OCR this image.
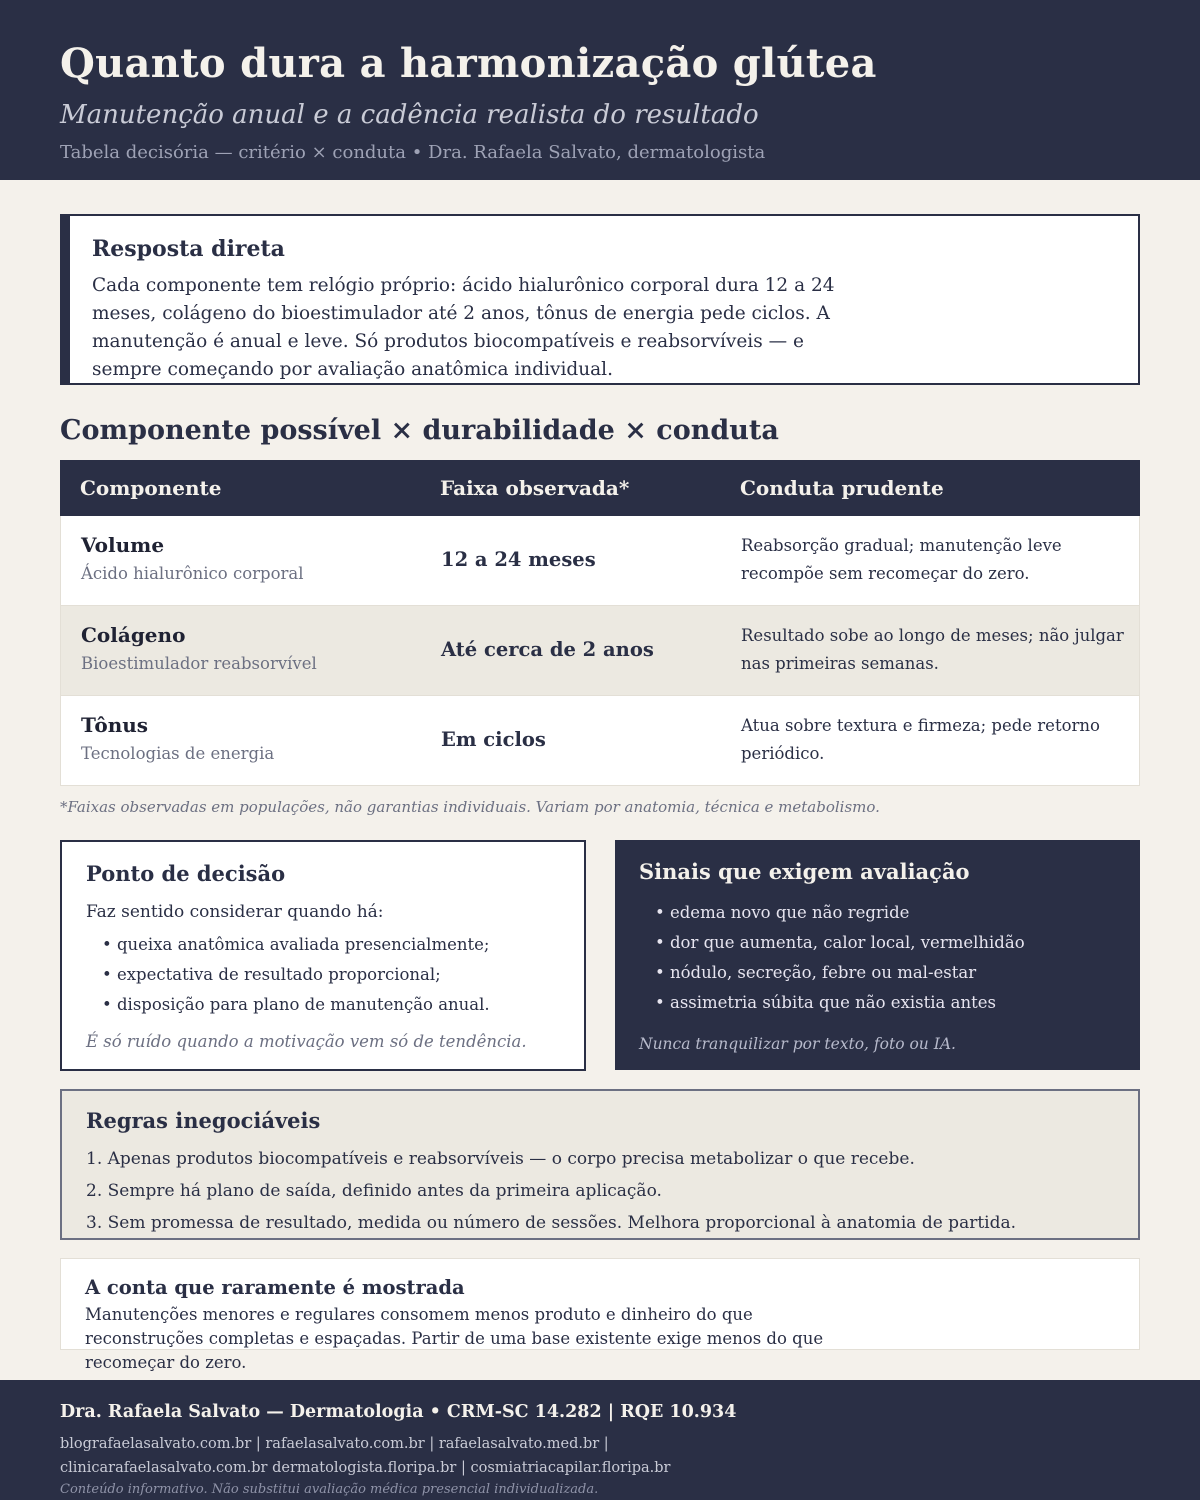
Quanto dura a harmonização glútea
Manutenção anual e a cadência realista do resultado
Tabela decisória — critério × conduta • Dra. Rafaela Salvato, dermatologista
Resposta direta

Cada componente tem relógio próprio: ácido hialurônico corporal dura 12 a 24 meses, colágeno do bioestimulador até 2 anos, tônus de energia pede ciclos. A manutenção é anual e leve. Só produtos biocompatíveis e reabsorvíveis — e sempre começando por avaliação anatômica individual.

Componente possível × durabilidade × conduta
Componente	Faixa observada*	Conduta prudente
Volume
Ácido hialurônico corporal
12 a 24 meses
Reabsorção gradual; manutenção leve recompõe sem recomeçar do zero.
Colágeno
Bioestimulador reabsorvível
Até cerca de 2 anos
Resultado sobe ao longo de meses; não julgar nas primeiras semanas.
Tônus
Tecnologias de energia
Em ciclos
Atua sobre textura e firmeza; pede retorno periódico.
*Faixas observadas em populações, não garantias individuais. Variam por anatomia, técnica e metabolismo.
Ponto de decisão
Faz sentido considerar quando há:
• queixa anatômica avaliada presencialmente;
• expectativa de resultado proporcional;
• disposição para plano de manutenção anual.
É só ruído quando a motivação vem só de tendência.
Sinais que exigem avaliação
• edema novo que não regride
• dor que aumenta, calor local, vermelhidão
• nódulo, secreção, febre ou mal-estar
• assimetria súbita que não existia antes
Nunca tranquilizar por texto, foto ou IA.
Regras inegociáveis
1. Apenas produtos biocompatíveis e reabsorvíveis — o corpo precisa metabolizar o que recebe.
2. Sempre há plano de saída, definido antes da primeira aplicação.
3. Sem promessa de resultado, medida ou número de sessões. Melhora proporcional à anatomia de partida.
A conta que raramente é mostrada

Manutenções menores e regulares consomem menos produto e dinheiro do que reconstruções completas e espaçadas. Partir de uma base existente exige menos do que recomeçar do zero.

Dra. Rafaela Salvato — Dermatologia • CRM-SC 14.282 | RQE 10.934
blografaelasalvato.com.br | rafaelasalvato.com.br | rafaelasalvato.med.br | clinicarafaelasalvato.com.br dermatologista.floripa.br | cosmiatriacapilar.floripa.br
Conteúdo informativo. Não substitui avaliação médica presencial individualizada.
